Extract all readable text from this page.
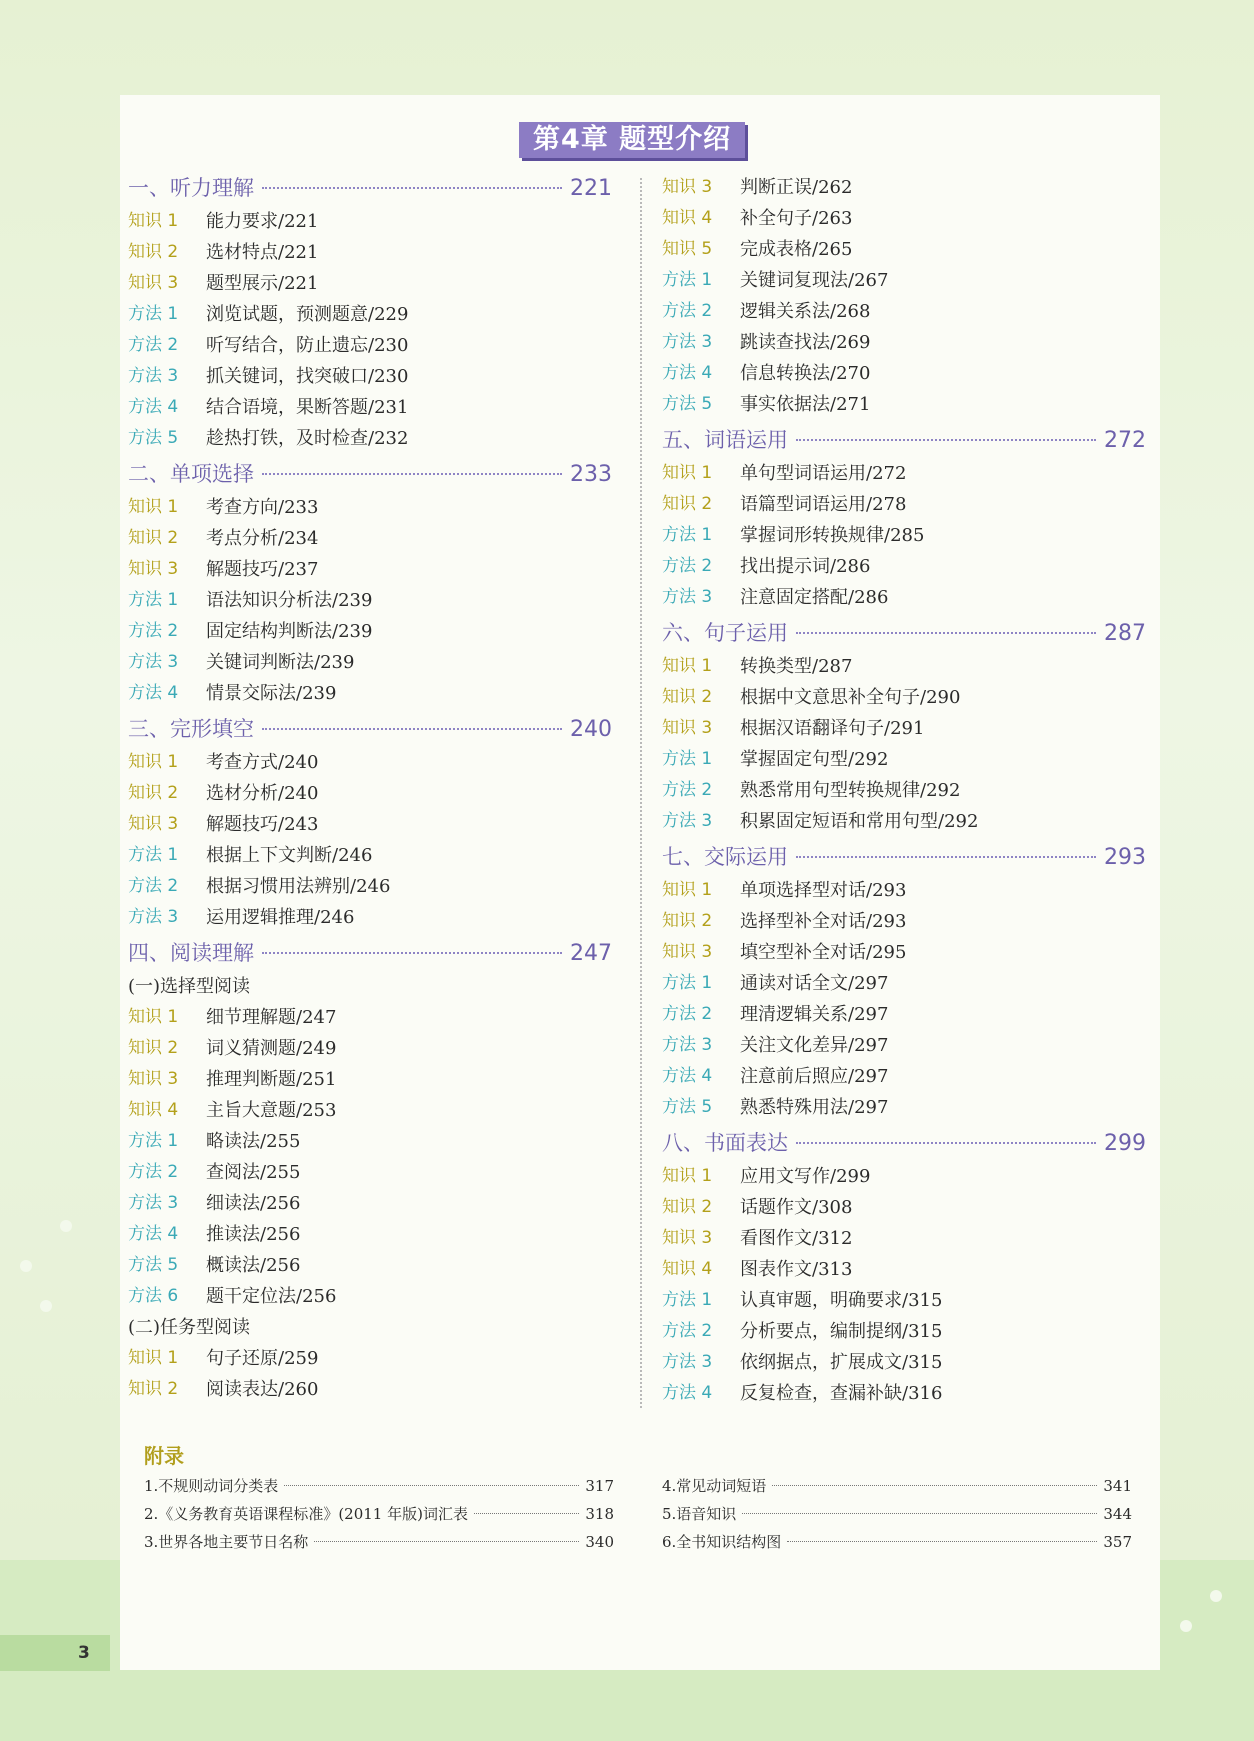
第4章 题型介绍
一、听力理解	221
知识 1	能力要求/221
知识 2	选材特点/221
知识 3	题型展示/221
方法 1	浏览试题，预测题意/229
方法 2	听写结合，防止遗忘/230
方法 3	抓关键词，找突破口/230
方法 4	结合语境，果断答题/231
方法 5	趁热打铁，及时检查/232
二、单项选择	233
知识 1	考查方向/233
知识 2	考点分析/234
知识 3	解题技巧/237
方法 1	语法知识分析法/239
方法 2	固定结构判断法/239
方法 3	关键词判断法/239
方法 4	情景交际法/239
三、完形填空	240
知识 1	考查方式/240
知识 2	选材分析/240
知识 3	解题技巧/243
方法 1	根据上下文判断/246
方法 2	根据习惯用法辨别/246
方法 3	运用逻辑推理/246
四、阅读理解	247
(一)选择型阅读
知识 1	细节理解题/247
知识 2	词义猜测题/249
知识 3	推理判断题/251
知识 4	主旨大意题/253
方法 1	略读法/255
方法 2	查阅法/255
方法 3	细读法/256
方法 4	推读法/256
方法 5	概读法/256
方法 6	题干定位法/256
(二)任务型阅读
知识 1	句子还原/259
知识 2	阅读表达/260
知识 3	判断正误/262
知识 4	补全句子/263
知识 5	完成表格/265
方法 1	关键词复现法/267
方法 2	逻辑关系法/268
方法 3	跳读查找法/269
方法 4	信息转换法/270
方法 5	事实依据法/271
五、词语运用	272
知识 1	单句型词语运用/272
知识 2	语篇型词语运用/278
方法 1	掌握词形转换规律/285
方法 2	找出提示词/286
方法 3	注意固定搭配/286
六、句子运用	287
知识 1	转换类型/287
知识 2	根据中文意思补全句子/290
知识 3	根据汉语翻译句子/291
方法 1	掌握固定句型/292
方法 2	熟悉常用句型转换规律/292
方法 3	积累固定短语和常用句型/292
七、交际运用	293
知识 1	单项选择型对话/293
知识 2	选择型补全对话/293
知识 3	填空型补全对话/295
方法 1	通读对话全文/297
方法 2	理清逻辑关系/297
方法 3	关注文化差异/297
方法 4	注意前后照应/297
方法 5	熟悉特殊用法/297
八、书面表达	299
知识 1	应用文写作/299
知识 2	话题作文/308
知识 3	看图作文/312
知识 4	图表作文/313
方法 1	认真审题，明确要求/315
方法 2	分析要点，编制提纲/315
方法 3	依纲据点，扩展成文/315
方法 4	反复检查，查漏补缺/316
附录
1.不规则动词分类表	317
2.《义务教育英语课程标准》(2011 年版)词汇表	318
3.世界各地主要节日名称	340
4.常见动词短语	341
5.语音知识	344
6.全书知识结构图	357
3
